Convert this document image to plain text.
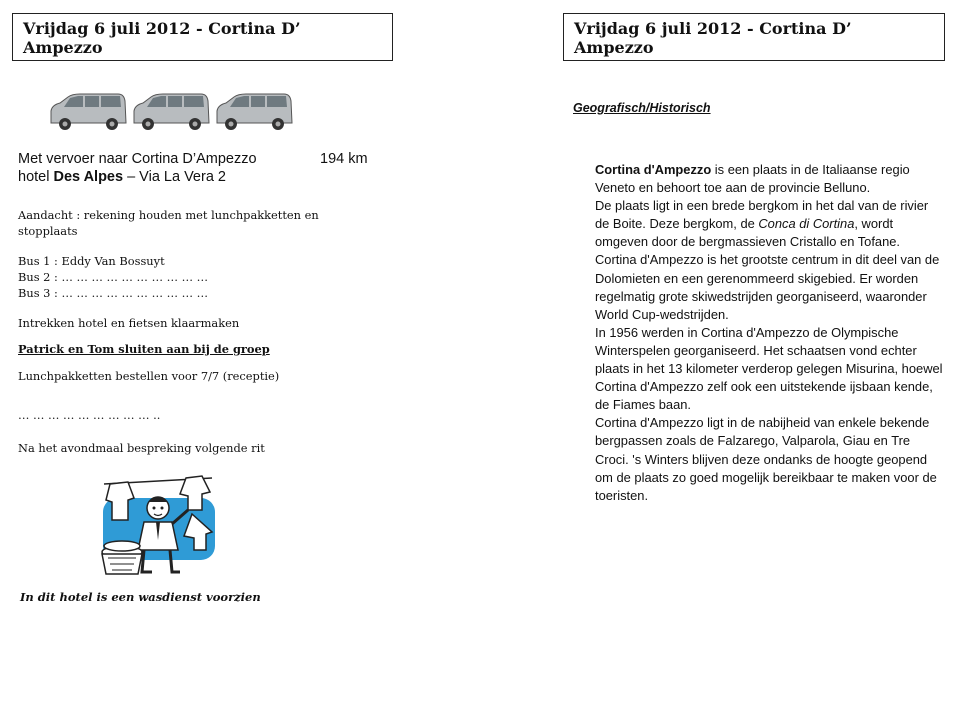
Vrijdag 6 juli 2012 - Cortina D’ Ampezzo
Met vervoer naar Cortina D’Ampezzo	194 km
hotel Des Alpes – Via La Vera 2
Aandacht : rekening houden met lunchpakketten en
stopplaats
Bus 1 : Eddy Van Bossuyt
Bus 2 : … … … … … … … … … …
Bus 3 : … … … … … … … … … …
Intrekken hotel en fietsen klaarmaken
Patrick en Tom sluiten aan bij de groep
Lunchpakketten bestellen voor 7/7 (receptie)
… … … … … … … … … ..
Na het avondmaal bespreking volgende rit
In dit hotel is een wasdienst voorzien
Vrijdag 6 juli 2012 - Cortina D’ Ampezzo
Geografisch/Historisch

Cortina d'Ampezzo is een plaats in de Italiaanse regio Veneto en behoort toe aan de provincie Belluno.

De plaats ligt in een brede bergkom in het dal van de rivier de Boite. Deze bergkom, de Conca di Cortina, wordt omgeven door de bergmassieven Cristallo en Tofane. Cortina d'Ampezzo is het grootste centrum in dit deel van de Dolomieten en een gerenommeerd skigebied. Er worden regelmatig grote skiwedstrijden georganiseerd, waaronder World Cup-wedstrijden.

In 1956 werden in Cortina d'Ampezzo de Olympische Winterspelen georganiseerd. Het schaatsen vond echter plaats in het 13 kilometer verderop gelegen Misurina, hoewel Cortina d'Ampezzo zelf ook een uitstekende ijsbaan kende, de Fiames baan.

Cortina d'Ampezzo ligt in de nabijheid van enkele bekende bergpassen zoals de Falzarego, Valparola, Giau en Tre Croci. 's Winters blijven deze ondanks de hoogte geopend om de plaats zo goed mogelijk bereikbaar te maken voor de toeristen.
